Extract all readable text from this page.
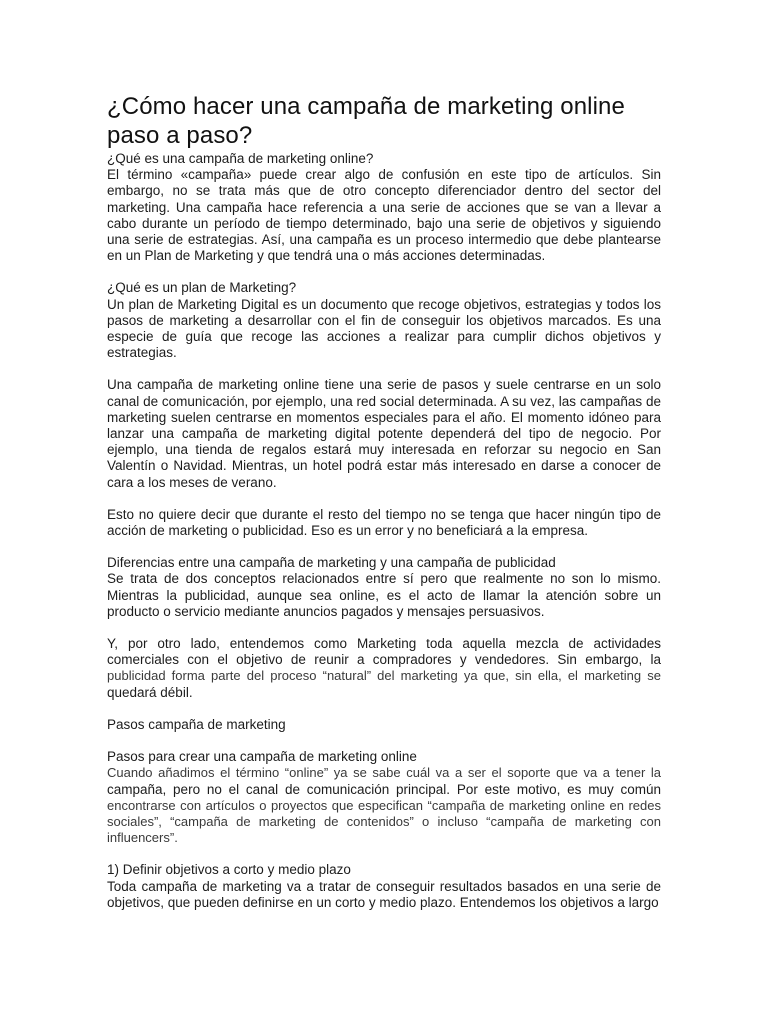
¿Cómo hacer una campaña de marketing online paso a paso?

¿Qué es una campaña de marketing online?

El término «campaña» puede crear algo de confusión en este tipo de artículos. Sin embargo, no se trata más que de otro concepto diferenciador dentro del sector del marketing. Una campaña hace referencia a una serie de acciones que se van a llevar a cabo durante un período de tiempo determinado, bajo una serie de objetivos y siguiendo una serie de estrategias. Así, una campaña es un proceso intermedio que debe plantearse en un Plan de Marketing y que tendrá una o más acciones determinadas.

¿Qué es un plan de Marketing?

Un plan de Marketing Digital es un documento que recoge objetivos, estrategias y todos los pasos de marketing a desarrollar con el fin de conseguir los objetivos marcados. Es una especie de guía que recoge las acciones a realizar para cumplir dichos objetivos y estrategias.

Una campaña de marketing online tiene una serie de pasos y suele centrarse en un solo canal de comunicación, por ejemplo, una red social determinada. A su vez, las campañas de marketing suelen centrarse en momentos especiales para el año. El momento idóneo para lanzar una campaña de marketing digital potente dependerá del tipo de negocio. Por ejemplo, una tienda de regalos estará muy interesada en reforzar su negocio en San Valentín o Navidad. Mientras, un hotel podrá estar más interesado en darse a conocer de cara a los meses de verano.

Esto no quiere decir que durante el resto del tiempo no se tenga que hacer ningún tipo de acción de marketing o publicidad. Eso es un error y no beneficiará a la empresa.

Diferencias entre una campaña de marketing y una campaña de publicidad

Se trata de dos conceptos relacionados entre sí pero que realmente no son lo mismo. Mientras la publicidad, aunque sea online, es el acto de llamar la atención sobre un producto o servicio mediante anuncios pagados y mensajes persuasivos.

Y, por otro lado, entendemos como Marketing toda aquella mezcla de actividades comerciales con el objetivo de reunir a compradores y vendedores. Sin embargo, la publicidad forma parte del proceso “natural” del marketing ya que, sin ella, el marketing se quedará débil.

Pasos campaña de marketing

Pasos para crear una campaña de marketing online

Cuando añadimos el término “online” ya se sabe cuál va a ser el soporte que va a tener la campaña, pero no el canal de comunicación principal. Por este motivo, es muy común encontrarse con artículos o proyectos que especifican “campaña de marketing online en redes sociales”, “campaña de marketing de contenidos” o incluso “campaña de marketing con influencers”.

1) Definir objetivos a corto y medio plazo

Toda campaña de marketing va a tratar de conseguir resultados basados en una serie de objetivos, que pueden definirse en un corto y medio plazo. Entendemos los objetivos a largo
